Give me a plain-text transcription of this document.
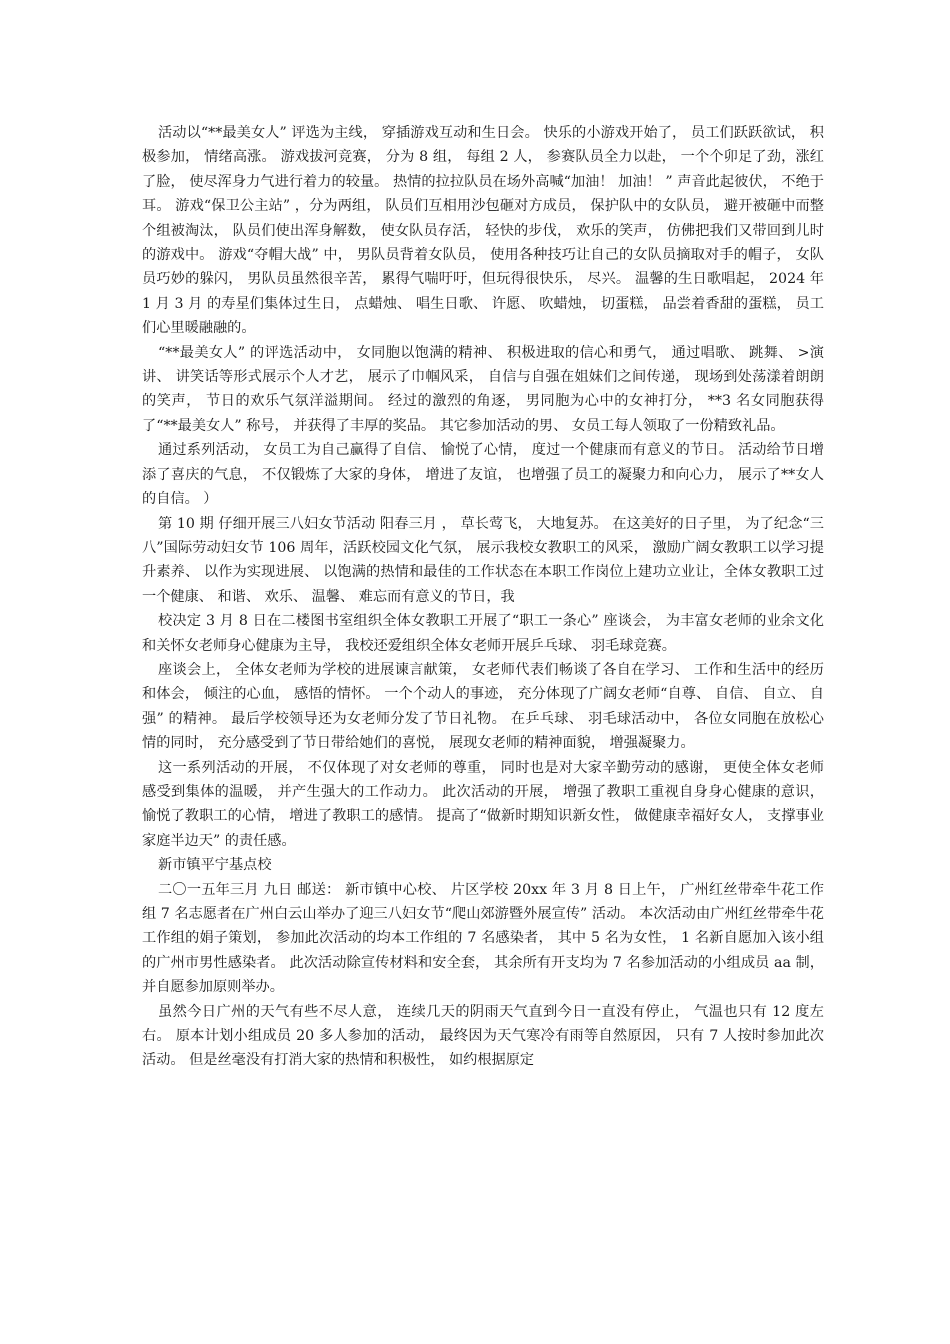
活动以“**最美女人” 评选为主线， 穿插游戏互动和生日会。 快乐的小游戏开始了， 员工们跃跃欲试， 积极参加， 情绪高涨。 游戏拔河竞赛， 分为 8 组， 每组 2 人， 参赛队员全力以赴， 一个个卯足了劲，涨红了脸， 使尽浑身力气进行着力的较量。 热情的拉拉队员在场外高喊“加油！ 加油！ ” 声音此起彼伏， 不绝于耳。 游戏“保卫公主站” ，分为两组， 队员们互相用沙包砸对方成员， 保护队中的女队员， 避开被砸中而整个组被淘汰， 队员们使出浑身解数， 使女队员存活， 轻快的步伐， 欢乐的笑声， 仿佛把我们又带回到儿时的游戏中。 游戏“夺帽大战” 中， 男队员背着女队员， 使用各种技巧让自己的女队员摘取对手的帽子， 女队员巧妙的躲闪， 男队员虽然很辛苦， 累得气喘吁吁，但玩得很快乐， 尽兴。 温馨的生日歌唱起， 2024 年 1 月 3 月 的寿星们集体过生日， 点蜡烛、 唱生日歌、 许愿、 吹蜡烛， 切蛋糕， 品尝着香甜的蛋糕， 员工们心里暖融融的。

“**最美女人” 的评选活动中， 女同胞以饱满的精神、 积极进取的信心和勇气， 通过唱歌、 跳舞、 >演讲、 讲笑话等形式展示个人才艺， 展示了巾帼风采， 自信与自强在姐妹们之间传递， 现场到处荡漾着朗朗的笑声， 节日的欢乐气氛洋溢期间。 经过的激烈的角逐， 男同胞为心中的女神打分， **3 名女同胞获得了“**最美女人” 称号， 并获得了丰厚的奖品。 其它参加活动的男、 女员工每人领取了一份精致礼品。

通过系列活动， 女员工为自己赢得了自信、 愉悦了心情， 度过一个健康而有意义的节日。 活动给节日增添了喜庆的气息， 不仅锻炼了大家的身体， 增进了友谊， 也增强了员工的凝聚力和向心力， 展示了**女人的自信。 ）

第 10 期 仔细开展三八妇女节活动 阳春三月 ， 草长莺飞， 大地复苏。 在这美好的日子里， 为了纪念“三八”国际劳动妇女节 106 周年，活跃校园文化气氛， 展示我校女教职工的风采， 激励广阔女教职工以学习提升素养、 以作为实现进展、 以饱满的热情和最佳的工作状态在本职工作岗位上建功立业让，全体女教职工过一个健康、 和谐、 欢乐、 温馨、 难忘而有意义的节日，我

校决定 3 月 8 日在二楼图书室组织全体女教职工开展了“职工一条心” 座谈会， 为丰富女老师的业余文化和关怀女老师身心健康为主导， 我校还爱组织全体女老师开展乒乓球、 羽毛球竞赛。

座谈会上， 全体女老师为学校的进展谏言献策， 女老师代表们畅谈了各自在学习、 工作和生活中的经历和体会， 倾注的心血， 感悟的情怀。 一个个动人的事迹， 充分体现了广阔女老师“自尊、 自信、 自立、 自强” 的精神。 最后学校领导还为女老师分发了节日礼物。 在乒乓球、 羽毛球活动中， 各位女同胞在放松心情的同时， 充分感受到了节日带给她们的喜悦， 展现女老师的精神面貌， 增强凝聚力。

这一系列活动的开展， 不仅体现了对女老师的尊重， 同时也是对大家辛勤劳动的感谢， 更使全体女老师感受到集体的温暖， 并产生强大的工作动力。 此次活动的开展， 增强了教职工重视自身身心健康的意识， 愉悦了教职工的心情， 增进了教职工的感情。 提高了“做新时期知识新女性， 做健康幸福好女人， 支撑事业家庭半边天” 的责任感。

新市镇平宁基点校

二〇一五年三月 九日 邮送： 新市镇中心校、 片区学校 20xx 年 3 月 8 日上午， 广州红丝带牵牛花工作组 7 名志愿者在广州白云山举办了迎三八妇女节“爬山郊游暨外展宣传” 活动。 本次活动由广州红丝带牵牛花工作组的娟子策划， 参加此次活动的均本工作组的 7 名感染者， 其中 5 名为女性， 1 名新自愿加入该小组的广州市男性感染者。 此次活动除宣传材料和安全套， 其余所有开支均为 7 名参加活动的小组成员 aa 制， 并自愿参加原则举办。

虽然今日广州的天气有些不尽人意， 连续几天的阴雨天气直到今日一直没有停止， 气温也只有 12 度左右。 原本计划小组成员 20 多人参加的活动， 最终因为天气寒冷有雨等自然原因， 只有 7 人按时参加此次活动。 但是丝毫没有打消大家的热情和积极性， 如约根据原定
